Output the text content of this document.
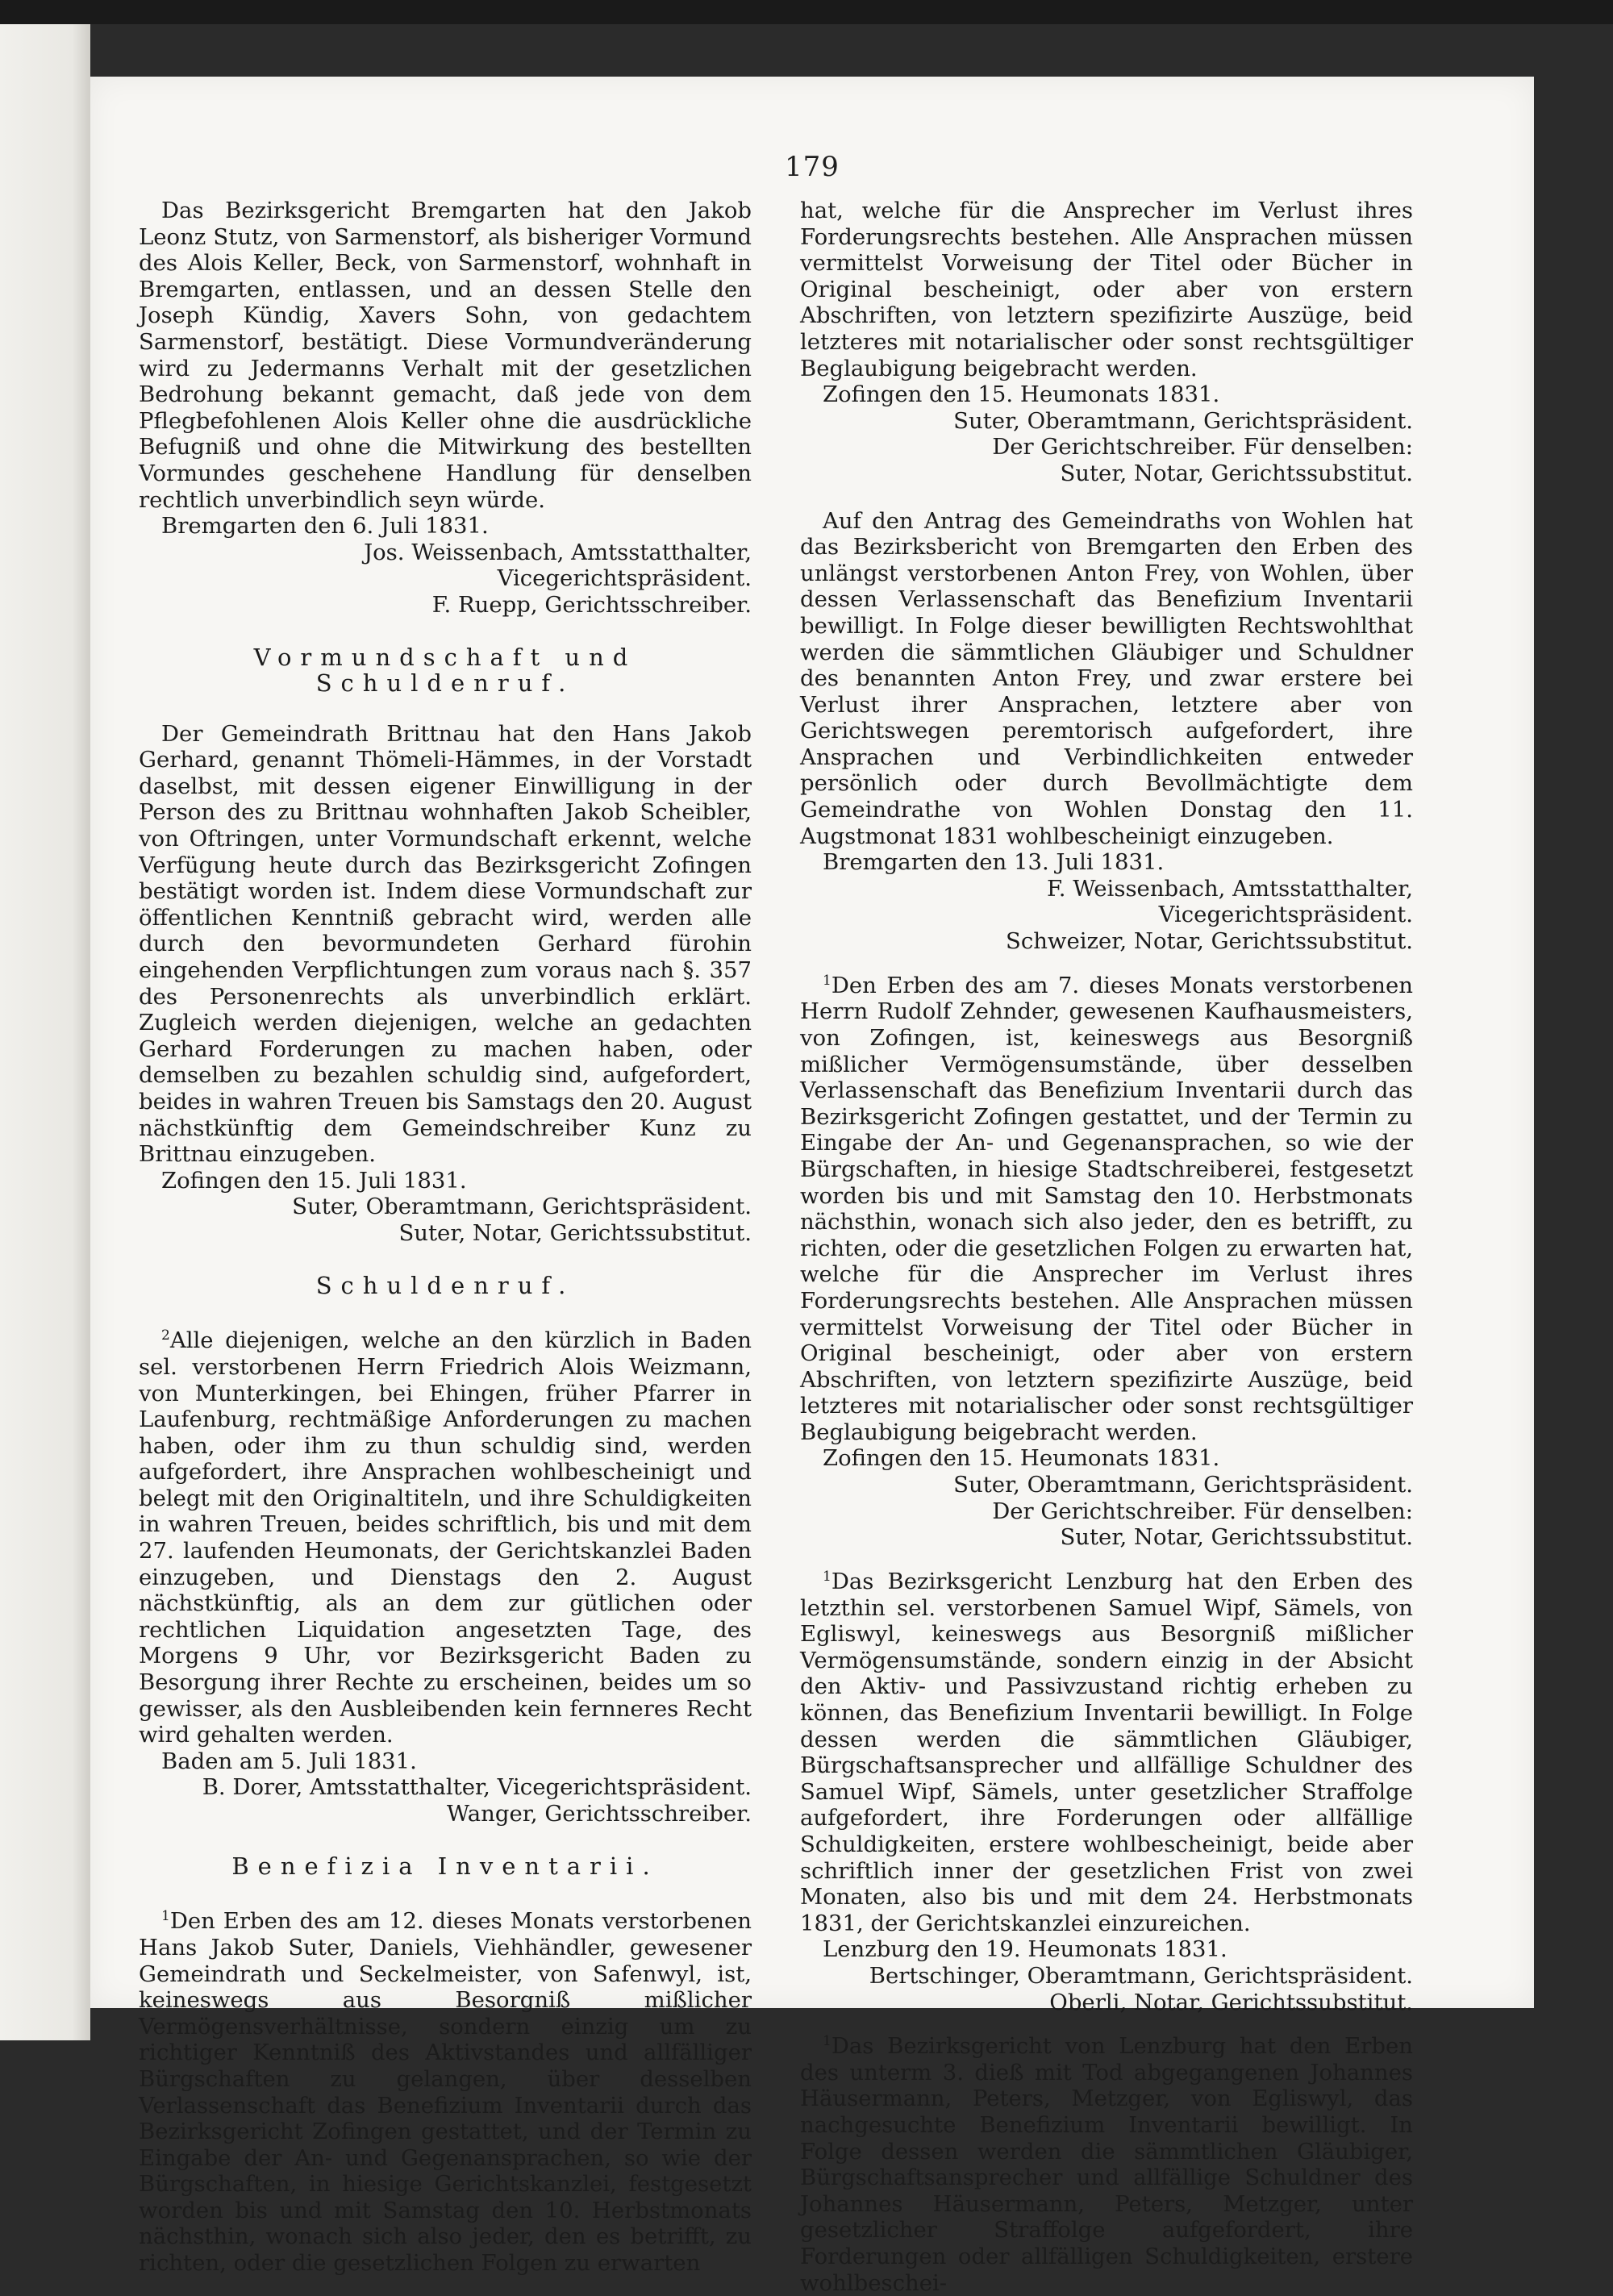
179

Das Bezirksgericht Bremgarten hat den Jakob Leonz Stutz, von Sarmenstorf, als bisheriger Vormund des Alois Keller, Beck, von Sarmenstorf, wohnhaft in Bremgarten, entlassen, und an dessen Stelle den Joseph Kündig, Xavers Sohn, von gedachtem Sarmenstorf, bestätigt. Diese Vormundveränderung wird zu Jedermanns Verhalt mit der gesetzlichen Bedrohung bekannt gemacht, daß jede von dem Pflegbefohlenen Alois Keller ohne die ausdrückliche Befugniß und ohne die Mitwirkung des bestellten Vormundes geschehene Handlung für denselben rechtlich unverbindlich seyn würde.

Bremgarten den 6. Juli 1831.

Jos. Weissenbach, Amtsstatthalter, Vicegerichtspräsident.

F. Ruepp, Gerichtsschreiber.

Vormundschaft und Schuldenruf.

Der Gemeindrath Brittnau hat den Hans Jakob Gerhard, genannt Thömeli-Hämmes, in der Vorstadt daselbst, mit dessen eigener Einwilligung in der Person des zu Brittnau wohnhaften Jakob Scheibler, von Oftringen, unter Vormundschaft erkennt, welche Verfügung heute durch das Bezirksgericht Zofingen bestätigt worden ist. Indem diese Vormundschaft zur öffentlichen Kenntniß gebracht wird, werden alle durch den bevormundeten Gerhard fürohin eingehenden Verpflichtungen zum voraus nach §. 357 des Personenrechts als unverbindlich erklärt. Zugleich werden diejenigen, welche an gedachten Gerhard Forderungen zu machen haben, oder demselben zu bezahlen schuldig sind, aufgefordert, beides in wahren Treuen bis Samstags den 20. August nächstkünftig dem Gemeindschreiber Kunz zu Brittnau einzugeben.

Zofingen den 15. Juli 1831.

Suter, Oberamtmann, Gerichtspräsident.

Suter, Notar, Gerichtssubstitut.

Schuldenruf.

$^2$Alle diejenigen, welche an den kürzlich in Baden sel. verstorbenen Herrn Friedrich Alois Weizmann, von Munterkingen, bei Ehingen, früher Pfarrer in Laufenburg, rechtmäßige Anforderungen zu machen haben, oder ihm zu thun schuldig sind, werden aufgefordert, ihre Ansprachen wohlbescheinigt und belegt mit den Originaltiteln, und ihre Schuldigkeiten in wahren Treuen, beides schriftlich, bis und mit dem 27. laufenden Heumonats, der Gerichtskanzlei Baden einzugeben, und Dienstags den 2. August nächstkünftig, als an dem zur gütlichen oder rechtlichen Liquidation angesetzten Tage, des Morgens 9 Uhr, vor Bezirksgericht Baden zu Besorgung ihrer Rechte zu erscheinen, beides um so gewisser, als den Ausbleibenden kein fernneres Recht wird gehalten werden.

Baden am 5. Juli 1831.

B. Dorer, Amtsstatthalter, Vicegerichtspräsident.

Wanger, Gerichtsschreiber.

Benefizia Inventarii.

$^1$Den Erben des am 12. dieses Monats verstorbenen Hans Jakob Suter, Daniels, Viehhändler, gewesener Gemeindrath und Seckelmeister, von Safenwyl, ist, keineswegs aus Besorgniß mißlicher Vermögensverhältnisse, sondern einzig um zu richtiger Kenntniß des Aktivstandes und allfälliger Bürgschaften zu gelangen, über desselben Verlassenschaft das Benefizium Inventarii durch das Bezirksgericht Zofingen gestattet, und der Termin zu Eingabe der An- und Gegenansprachen, so wie der Bürgschaften, in hiesige Gerichtskanzlei, festgesetzt worden bis und mit Samstag den 10. Herbstmonats nächsthin, wonach sich also jeder, den es betrifft, zu richten, oder die gesetzlichen Folgen zu erwarten

hat, welche für die Ansprecher im Verlust ihres Forderungsrechts bestehen. Alle Ansprachen müssen vermittelst Vorweisung der Titel oder Bücher in Original bescheinigt, oder aber von erstern Abschriften, von letztern spezifizirte Auszüge, beid letzteres mit notarialischer oder sonst rechtsgültiger Beglaubigung beigebracht werden.

Zofingen den 15. Heumonats 1831.

Suter, Oberamtmann, Gerichtspräsident.

Der Gerichtschreiber. Für denselben:

Suter, Notar, Gerichtssubstitut.

Auf den Antrag des Gemeindraths von Wohlen hat das Bezirksbericht von Bremgarten den Erben des unlängst verstorbenen Anton Frey, von Wohlen, über dessen Verlassenschaft das Benefizium Inventarii bewilligt. In Folge dieser bewilligten Rechtswohlthat werden die sämmtlichen Gläubiger und Schuldner des benannten Anton Frey, und zwar erstere bei Verlust ihrer Ansprachen, letztere aber von Gerichtswegen peremtorisch aufgefordert, ihre Ansprachen und Verbindlichkeiten entweder persönlich oder durch Bevollmächtigte dem Gemeindrathe von Wohlen Donstag den 11. Augstmonat 1831 wohlbescheinigt einzugeben.

Bremgarten den 13. Juli 1831.

F. Weissenbach, Amtsstatthalter, Vicegerichtspräsident.

Schweizer, Notar, Gerichtssubstitut.

$^1$Den Erben des am 7. dieses Monats verstorbenen Herrn Rudolf Zehnder, gewesenen Kaufhausmeisters, von Zofingen, ist, keineswegs aus Besorgniß mißlicher Vermögensumstände, über desselben Verlassenschaft das Benefizium Inventarii durch das Bezirksgericht Zofingen gestattet, und der Termin zu Eingabe der An- und Gegenansprachen, so wie der Bürgschaften, in hiesige Stadtschreiberei, festgesetzt worden bis und mit Samstag den 10. Herbstmonats nächsthin, wonach sich also jeder, den es betrifft, zu richten, oder die gesetzlichen Folgen zu erwarten hat, welche für die Ansprecher im Verlust ihres Forderungsrechts bestehen. Alle Ansprachen müssen vermittelst Vorweisung der Titel oder Bücher in Original bescheinigt, oder aber von erstern Abschriften, von letztern spezifizirte Auszüge, beid letzteres mit notarialischer oder sonst rechtsgültiger Beglaubigung beigebracht werden.

Zofingen den 15. Heumonats 1831.

Suter, Oberamtmann, Gerichtspräsident.

Der Gerichtschreiber. Für denselben:

Suter, Notar, Gerichtssubstitut.

$^1$Das Bezirksgericht Lenzburg hat den Erben des letzthin sel. verstorbenen Samuel Wipf, Sämels, von Egliswyl, keineswegs aus Besorgniß mißlicher Vermögensumstände, sondern einzig in der Absicht den Aktiv- und Passivzustand richtig erheben zu können, das Benefizium Inventarii bewilligt. In Folge dessen werden die sämmtlichen Gläubiger, Bürgschaftsansprecher und allfällige Schuldner des Samuel Wipf, Sämels, unter gesetzlicher Straffolge aufgefordert, ihre Forderungen oder allfällige Schuldigkeiten, erstere wohlbescheinigt, beide aber schriftlich inner der gesetzlichen Frist von zwei Monaten, also bis und mit dem 24. Herbstmonats 1831, der Gerichtskanzlei einzureichen.

Lenzburg den 19. Heumonats 1831.

Bertschinger, Oberamtmann, Gerichtspräsident.

Oberli, Notar, Gerichtssubstitut.

$^1$Das Bezirksgericht von Lenzburg hat den Erben des unterm 3. dieß mit Tod abgegangenen Johannes Häusermann, Peters, Metzger, von Egliswyl, das nachgesuchte Benefizium Inventarii bewilligt. In Folge dessen werden die sämmtlichen Gläubiger, Bürgschaftsansprecher und allfällige Schuldner des Johannes Häusermann, Peters, Metzger, unter gesetzlicher Straffolge aufgefordert, ihre Forderungen oder allfälligen Schuldigkeiten, erstere wohlbeschei-
